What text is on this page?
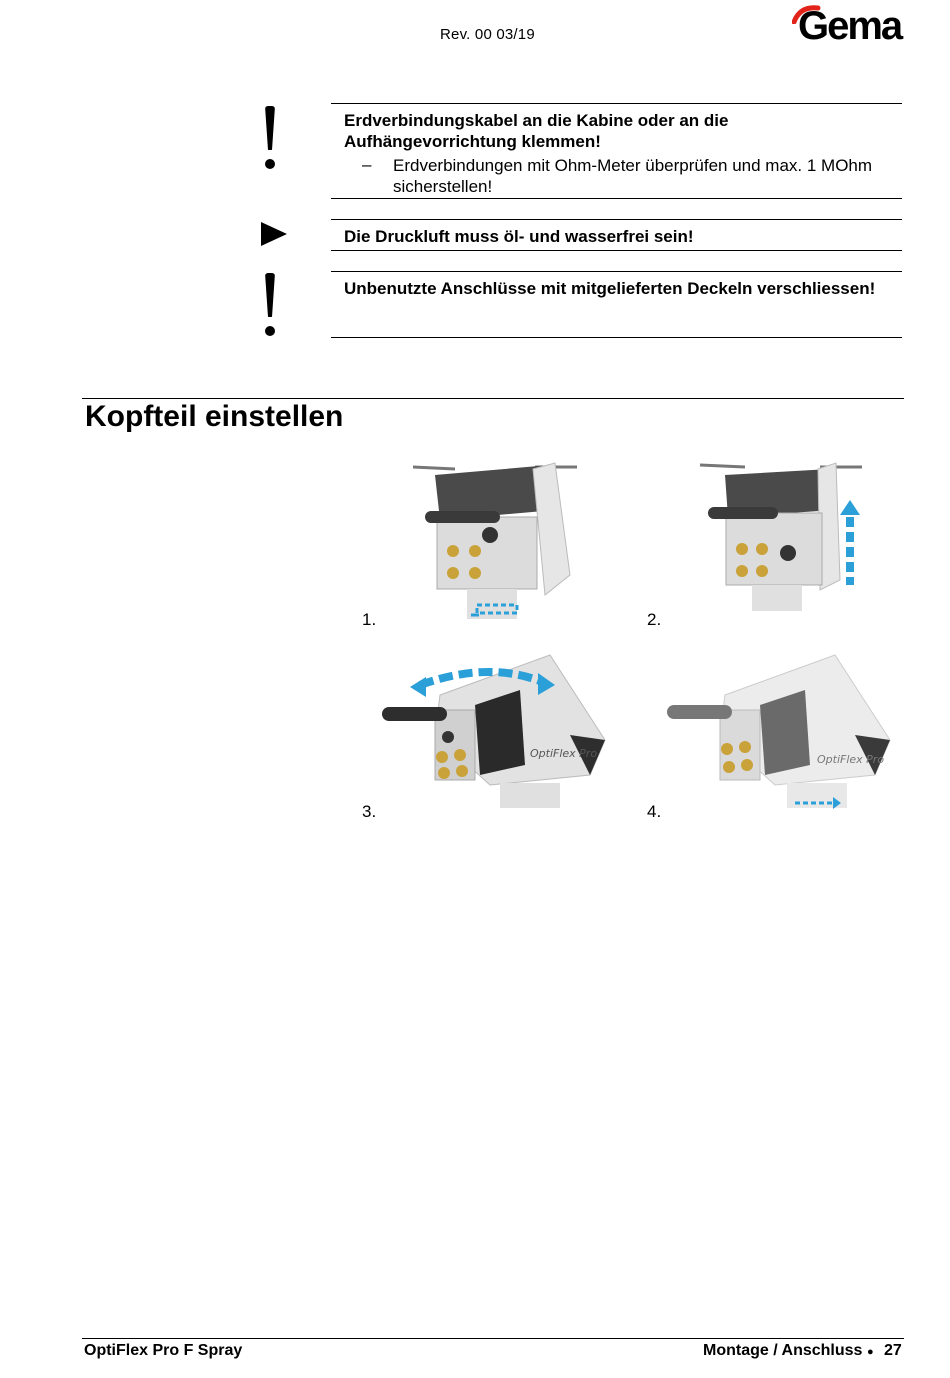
Rev. 00 03/19	Gema
Erdverbindungskabel an die Kabine oder an die
Aufhängevorrichtung klemmen!
– Erdverbindungen mit Ohm-Meter überprüfen und max. 1 MOhm
sicherstellen!
Die Druckluft muss öl- und wasserfrei sein!
Unbenutzte Anschlüsse mit mitgelieferten Deckeln verschliessen!
Kopfteil einstellen
1.	2.
OptiFlex Pro	OptiFlex Pro
3.	4.
OptiFlex Pro F Spray	Montage / Anschluss ● 27
